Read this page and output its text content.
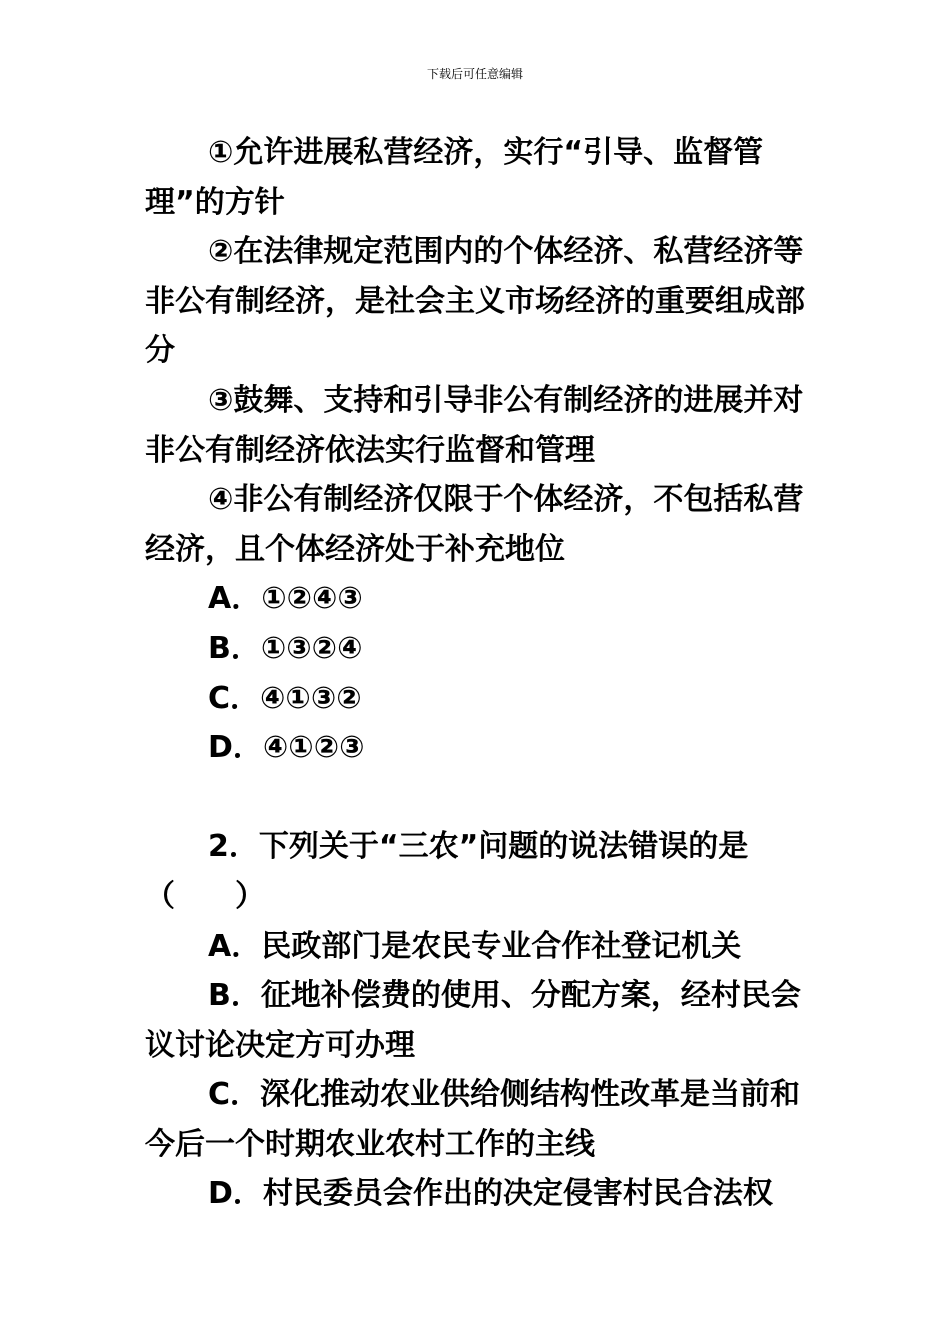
下载后可任意编辑

①允许进展私营经济，实行“引导、监督管理”的方针

②在法律规定范围内的个体经济、私营经济等非公有制经济，是社会主义市场经济的重要组成部分

③鼓舞、支持和引导非公有制经济的进展并对非公有制经济依法实行监督和管理

④非公有制经济仅限于个体经济，不包括私营经济，且个体经济处于补充地位

A．①②④③

B．①③②④

C．④①③②

D．④①②③

2．下列关于“三农”问题的说法错误的是

（　　）

A．民政部门是农民专业合作社登记机关

B．征地补偿费的使用、分配方案，经村民会议讨论决定方可办理

C．深化推动农业供给侧结构性改革是当前和今后一个时期农业农村工作的主线

D．村民委员会作出的决定侵害村民合法权
